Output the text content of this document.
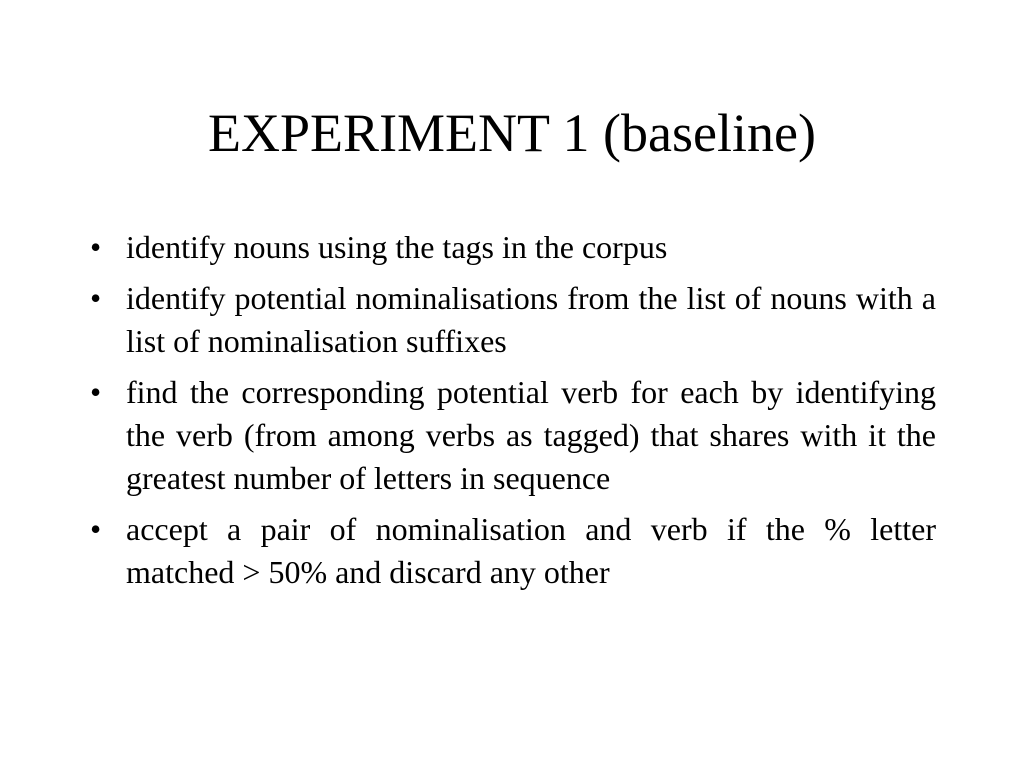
EXPERIMENT 1 (baseline)
• identify nouns using the tags in the corpus
• identify potential nominalisations from the list of nouns with a list of nominalisation suffixes
• find the corresponding potential verb for each by identifying the verb (from among verbs as tagged) that shares with it the greatest number of letters in sequence
• accept a pair of nominalisation and verb if the % letter matched > 50% and discard any other
